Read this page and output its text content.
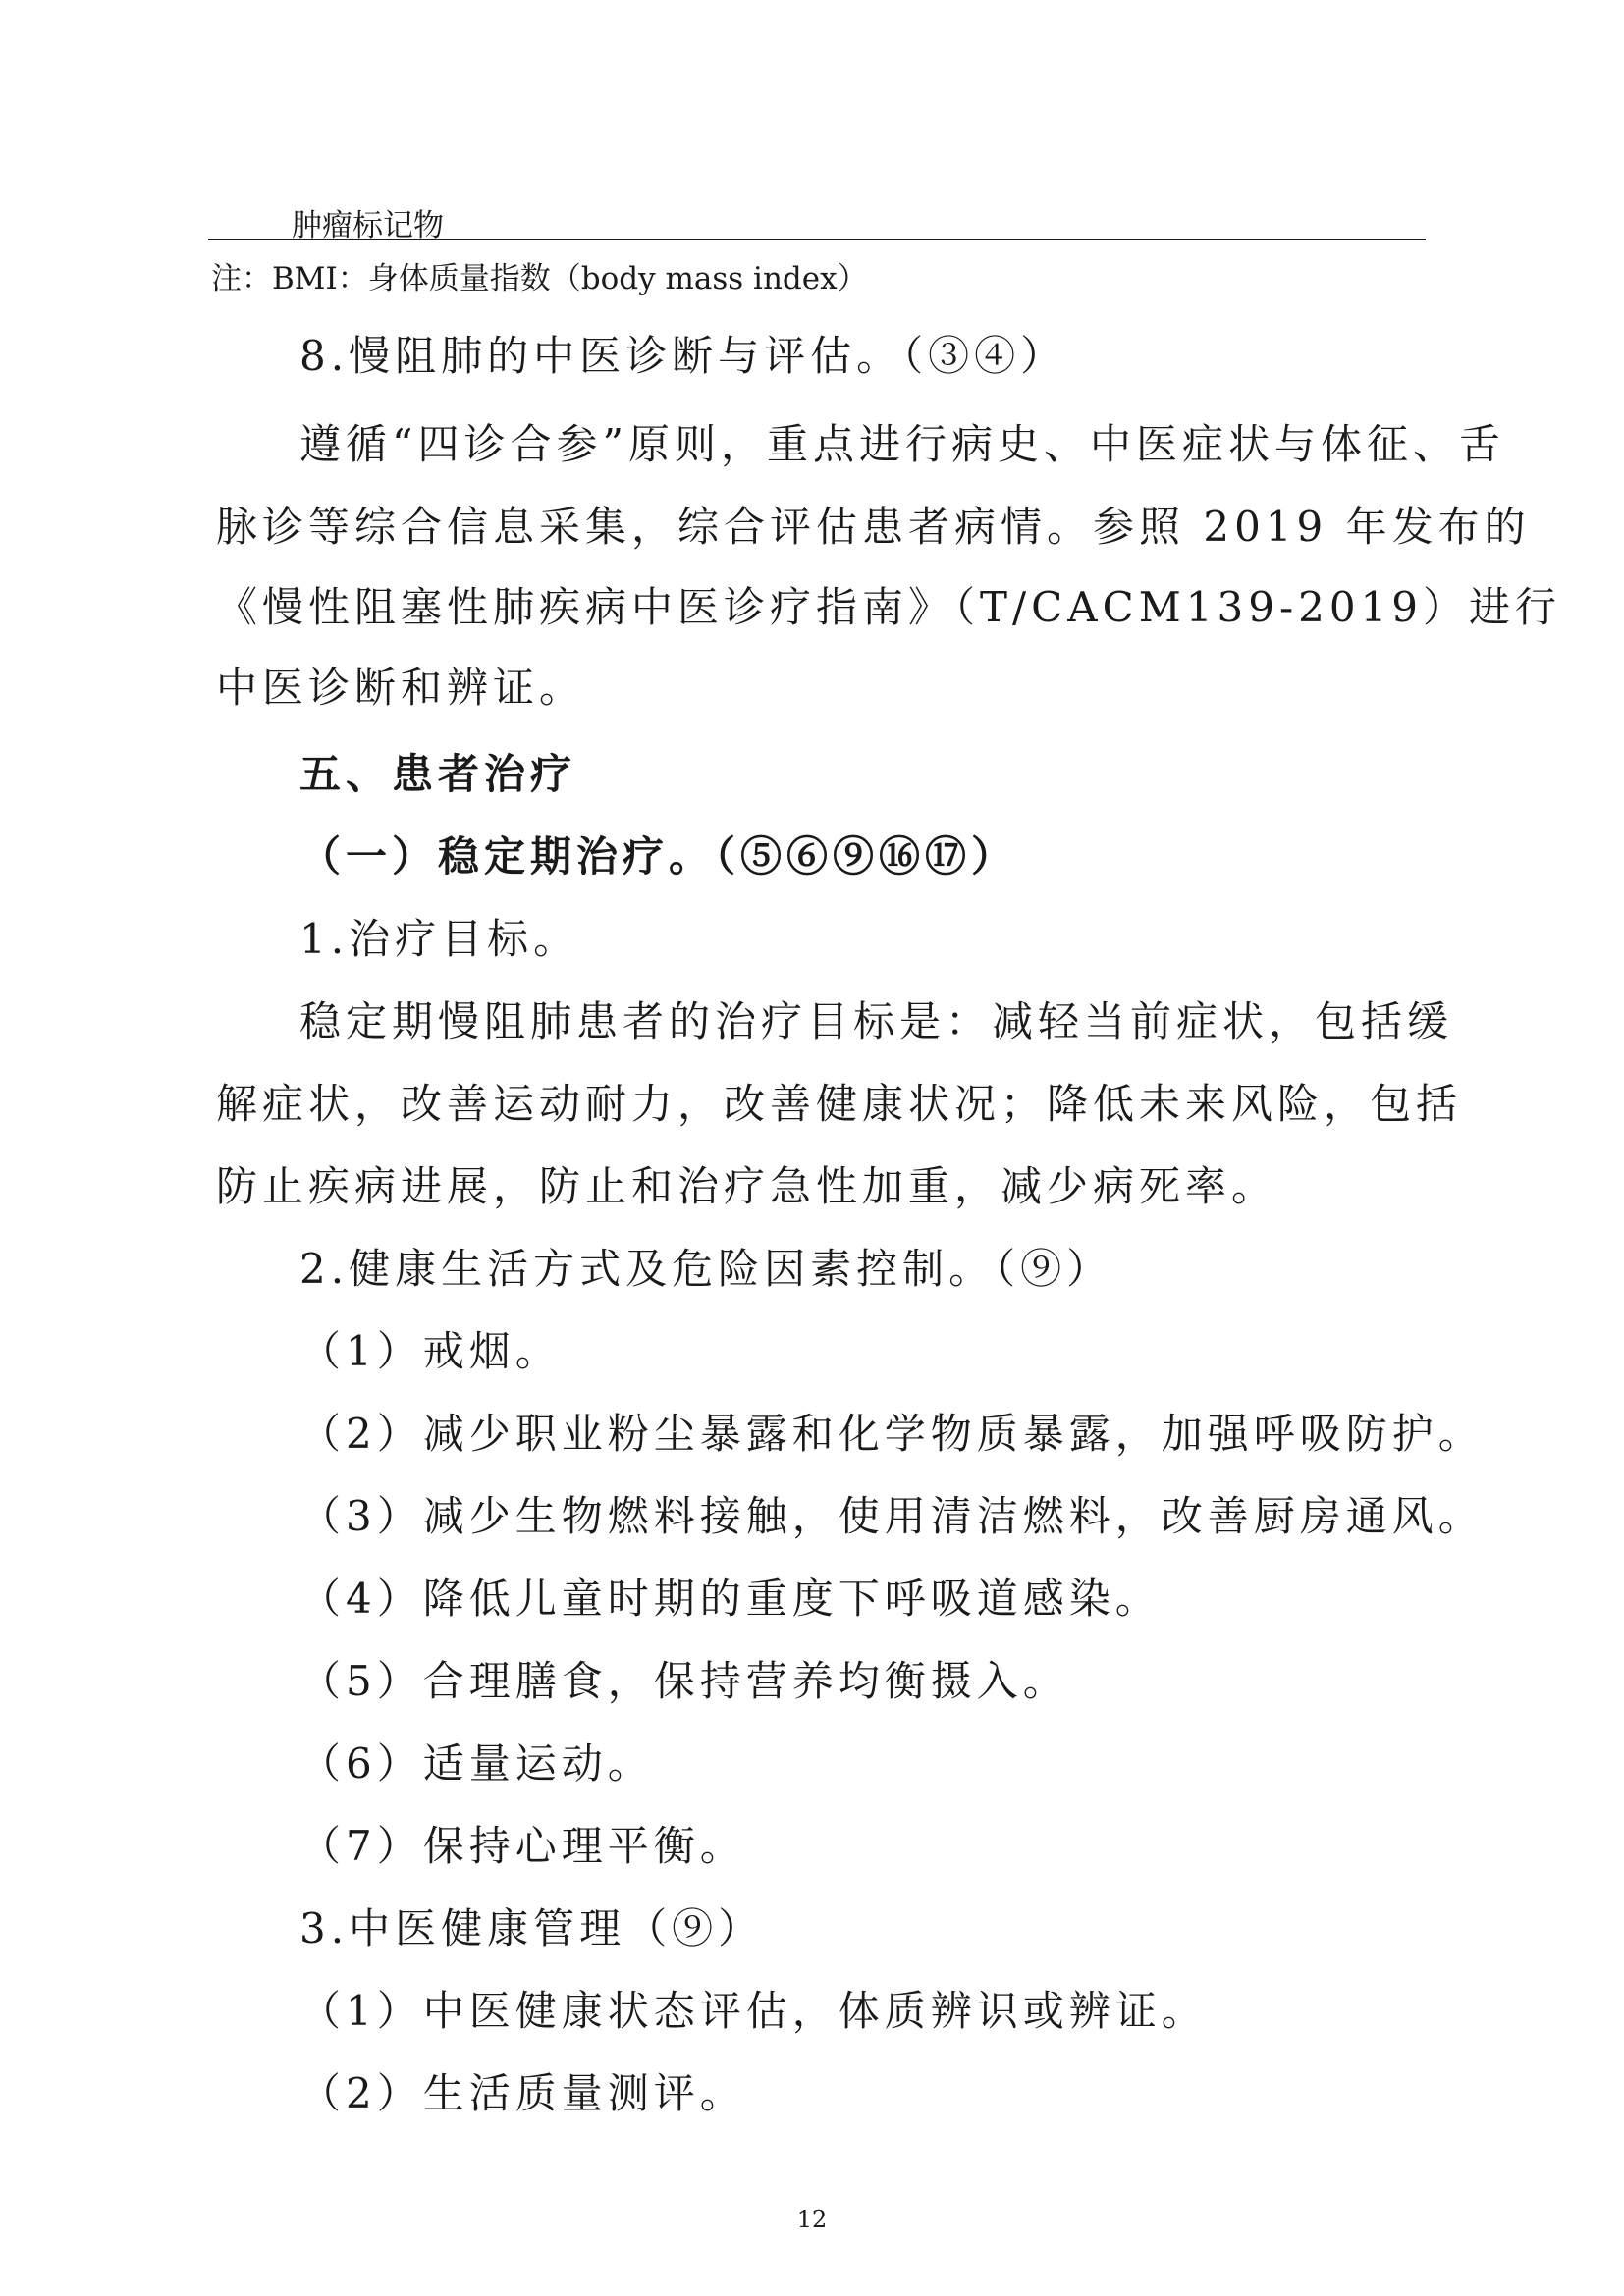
肿瘤标记物
注：BMI：身体质量指数（body mass index）
8.慢阻肺的中医诊断与评估。（③④）
遵循“四诊合参”原则，重点进行病史、中医症状与体征、舌
脉诊等综合信息采集，综合评估患者病情。参照 2019 年发布的
《慢性阻塞性肺疾病中医诊疗指南》（T/CACM139-2019）进行
中医诊断和辨证。
五、患者治疗
（一）稳定期治疗。（⑤⑥⑨⑯⑰）
1.治疗目标。
稳定期慢阻肺患者的治疗目标是：减轻当前症状，包括缓
解症状，改善运动耐力，改善健康状况；降低未来风险，包括
防止疾病进展，防止和治疗急性加重，减少病死率。
2.健康生活方式及危险因素控制。（⑨）
（1）戒烟。
（2）减少职业粉尘暴露和化学物质暴露，加强呼吸防护。
（3）减少生物燃料接触，使用清洁燃料，改善厨房通风。
（4）降低儿童时期的重度下呼吸道感染。
（5）合理膳食，保持营养均衡摄入。
（6）适量运动。
（7）保持心理平衡。
3.中医健康管理（⑨）
（1）中医健康状态评估，体质辨识或辨证。
（2）生活质量测评。
12
